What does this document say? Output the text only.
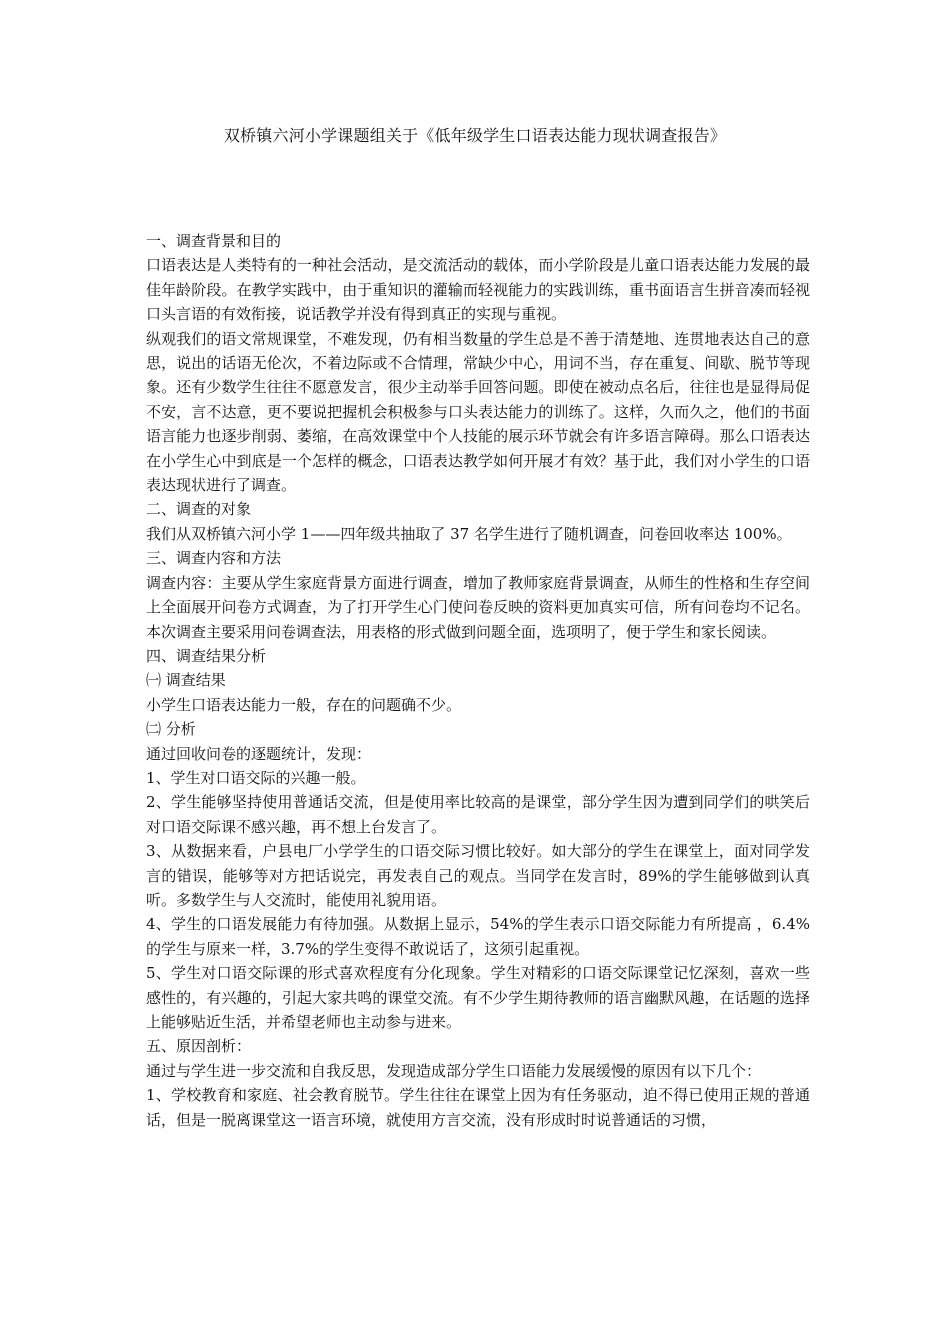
双桥镇六河小学课题组关于《低年级学生口语表达能力现状调查报告》

一、调查背景和目的

口语表达是人类特有的一种社会活动，是交流活动的载体，而小学阶段是儿童口语表达能力发展的最佳年龄阶段。在教学实践中，由于重知识的灌输而轻视能力的实践训练，重书面语言生拼音凑而轻视口头言语的有效衔接，说话教学并没有得到真正的实现与重视。

纵观我们的语文常规课堂，不难发现，仍有相当数量的学生总是不善于清楚地、连贯地表达自己的意思，说出的话语无伦次，不着边际或不合情理，常缺少中心，用词不当，存在重复、间歇、脱节等现象。还有少数学生往往不愿意发言，很少主动举手回答问题。即使在被动点名后，往往也是显得局促不安，言不达意，更不要说把握机会积极参与口头表达能力的训练了。这样，久而久之，他们的书面语言能力也逐步削弱、萎缩，在高效课堂中个人技能的展示环节就会有许多语言障碍。那么口语表达在小学生心中到底是一个怎样的概念，口语表达教学如何开展才有效？基于此，我们对小学生的口语表达现状进行了调查。

二、调查的对象

我们从双桥镇六河小学 1——四年级共抽取了 37 名学生进行了随机调查，问卷回收率达 100%。

三、调查内容和方法

调查内容：主要从学生家庭背景方面进行调查，增加了教师家庭背景调查，从师生的性格和生存空间上全面展开问卷方式调查，为了打开学生心门使问卷反映的资料更加真实可信，所有问卷均不记名。本次调查主要采用问卷调查法，用表格的形式做到问题全面，选项明了，便于学生和家长阅读。

四、调查结果分析

㈠ 调查结果

小学生口语表达能力一般，存在的问题确不少。

㈡ 分析

通过回收问卷的逐题统计，发现：

1、学生对口语交际的兴趣一般。

2、学生能够坚持使用普通话交流，但是使用率比较高的是课堂，部分学生因为遭到同学们的哄笑后对口语交际课不感兴趣，再不想上台发言了。

3、从数据来看，户县电厂小学学生的口语交际习惯比较好。如大部分的学生在课堂上，面对同学发言的错误，能够等对方把话说完，再发表自己的观点。当同学在发言时，89%的学生能够做到认真听。多数学生与人交流时，能使用礼貌用语。

4、学生的口语发展能力有待加强。从数据上显示，54%的学生表示口语交际能力有所提高 ，6.4%的学生与原来一样，3.7%的学生变得不敢说话了，这须引起重视。

5、学生对口语交际课的形式喜欢程度有分化现象。学生对精彩的口语交际课堂记忆深刻，喜欢一些感性的，有兴趣的，引起大家共鸣的课堂交流。有不少学生期待教师的语言幽默风趣，在话题的选择上能够贴近生活，并希望老师也主动参与进来。

五、原因剖析：

通过与学生进一步交流和自我反思，发现造成部分学生口语能力发展缓慢的原因有以下几个：

1、学校教育和家庭、社会教育脱节。学生往往在课堂上因为有任务驱动，迫不得已使用正规的普通话，但是一脱离课堂这一语言环境，就使用方言交流，没有形成时时说普通话的习惯，
